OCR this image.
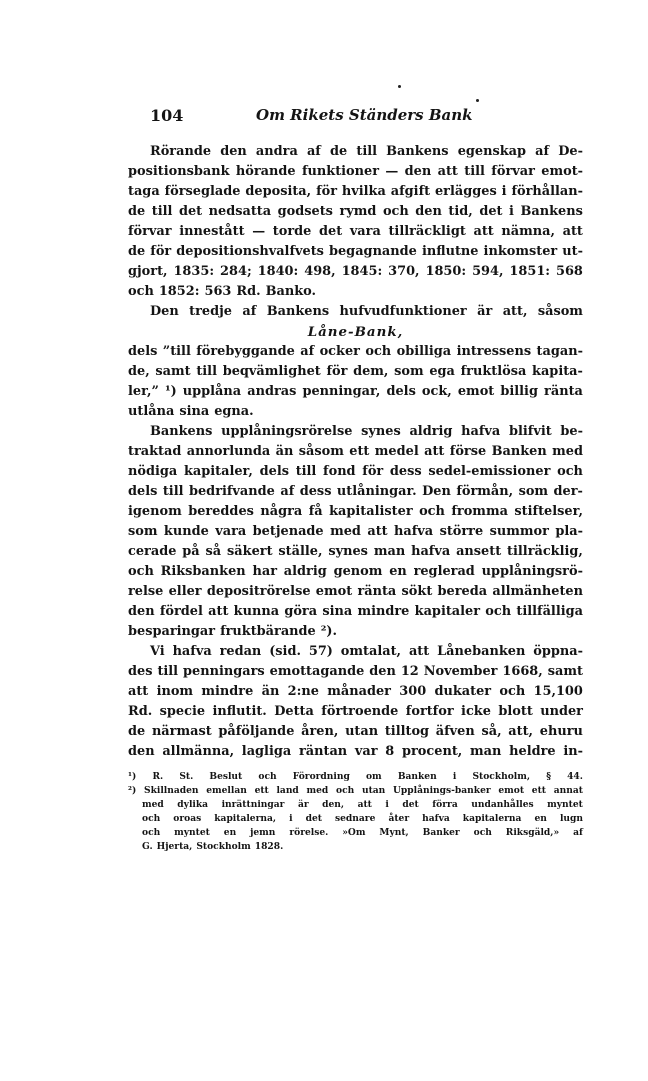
104	Om Rikets Ständers Bank
Rörande den andra af de till Bankens egenskap af De-
positionsbank hörande funktioner — den att till förvar emot-
taga förseglade deposita, för hvilka afgift erlägges i förhållan-
de till det nedsatta godsets rymd och den tid, det i Bankens
förvar innestått — torde det vara tillräckligt att nämna, att
de för depositionshvalfvets begagnande influtne inkomster ut-
gjort, 1835: 284; 1840: 498, 1845: 370, 1850: 594, 1851: 568
och 1852: 563 Rd. Banko.
Den tredje af Bankens hufvudfunktioner är att, såsom
Låne-Bank,
dels ”till förebyggande af ocker och obilliga intressens tagan-
de, samt till beqvämlighet för dem, som ega fruktlösa kapita-
ler,” ¹) upplåna andras penningar, dels ock, emot billig ränta
utlåna sina egna.
Bankens upplåningsrörelse synes aldrig hafva blifvit be-
traktad annorlunda än såsom ett medel att förse Banken med
nödiga kapitaler, dels till fond för dess sedel-emissioner och
dels till bedrifvande af dess utlåningar. Den förmån, som der-
igenom bereddes några få kapitalister och fromma stiftelser,
som kunde vara betjenade med att hafva större summor pla-
cerade på så säkert ställe, synes man hafva ansett tillräcklig,
och Riksbanken har aldrig genom en reglerad upplåningsrö-
relse eller depositrörelse emot ränta sökt bereda allmänheten
den fördel att kunna göra sina mindre kapitaler och tillfälliga
besparingar fruktbärande ²).
Vi hafva redan (sid. 57) omtalat, att Lånebanken öppna-
des till penningars emottagande den 12 November 1668, samt
att inom mindre än 2:ne månader 300 dukater och 15,100
Rd. specie influtit. Detta förtroende fortfor icke blott under
de närmast påföljande åren, utan tilltog äfven så, att, ehuru
den allmänna, lagliga räntan var 8 procent, man heldre in-
¹) R. St. Beslut och Förordning om Banken i Stockholm, § 44.
²) Skillnaden emellan ett land med och utan Upplånings-banker emot ett annat
med dylika inrättningar är den, att i det förra undanhålles myntet
och oroas kapitalerna, i det sednare åter hafva kapitalerna en lugn
och myntet en jemn rörelse. »Om Mynt, Banker och Riksgäld,» af
G. Hjerta, Stockholm 1828.
